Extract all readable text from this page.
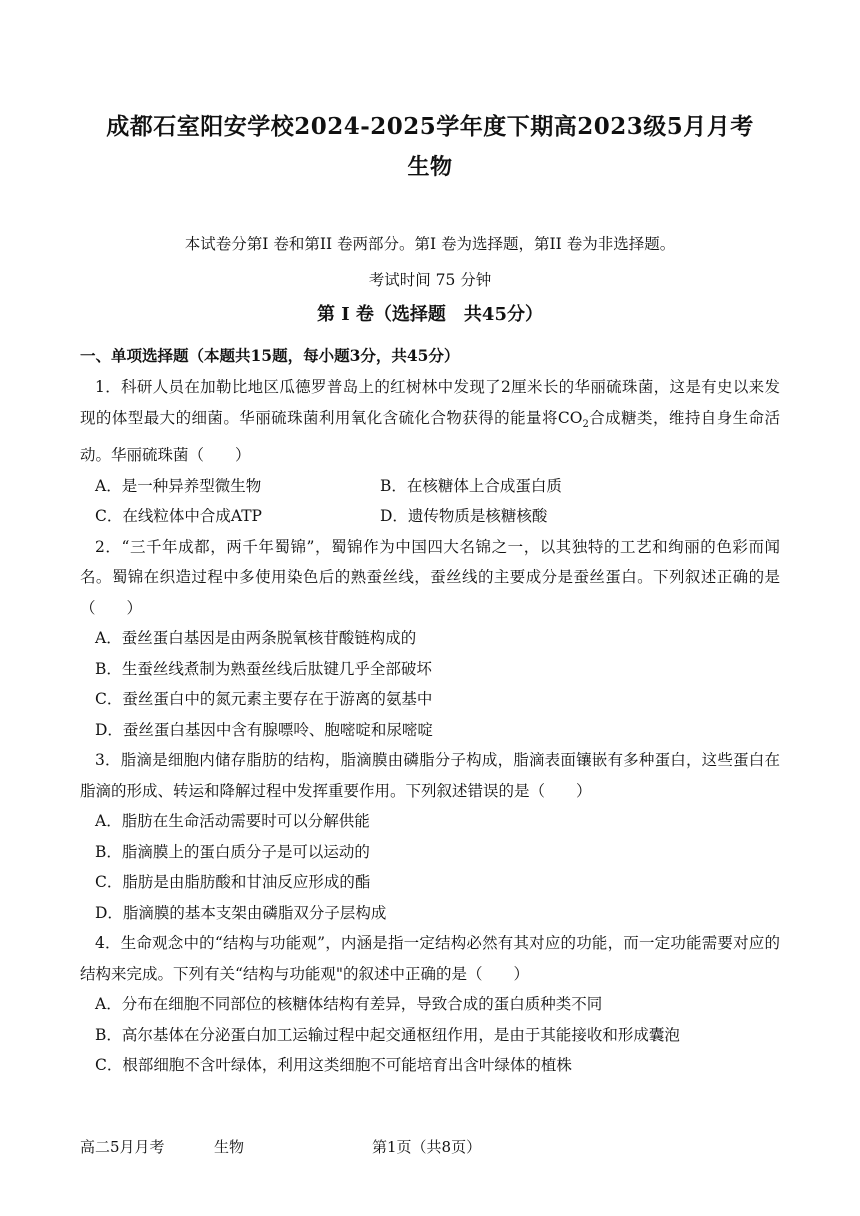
成都石室阳安学校2024-2025学年度下期高2023级5月月考
生物
本试卷分第I 卷和第II 卷两部分。第I 卷为选择题，第II 卷为非选择题。
考试时间 75 分钟
第 I 卷（选择题　共45分）
一、单项选择题（本题共15题，每小题3分，共45分）

1．科研人员在加勒比地区瓜德罗普岛上的红树林中发现了2厘米长的华丽硫珠菌，这是有史以来发现的体型最大的细菌。华丽硫珠菌利用氧化含硫化合物获得的能量将$CO_2$合成糖类，维持自身生命活动。华丽硫珠菌（　　）

A．是一种异养型微生物	B．在核糖体上合成蛋白质

C．在线粒体中合成ATP	D．遗传物质是核糖核酸

2．“三千年成都，两千年蜀锦”，蜀锦作为中国四大名锦之一，以其独特的工艺和绚丽的色彩而闻名。蜀锦在织造过程中多使用染色后的熟蚕丝线，蚕丝线的主要成分是蚕丝蛋白。下列叙述正确的是（　　）

A．蚕丝蛋白基因是由两条脱氧核苷酸链构成的

B．生蚕丝线煮制为熟蚕丝线后肽键几乎全部破坏

C．蚕丝蛋白中的氮元素主要存在于游离的氨基中

D．蚕丝蛋白基因中含有腺嘌呤、胞嘧啶和尿嘧啶

3．脂滴是细胞内储存脂肪的结构，脂滴膜由磷脂分子构成，脂滴表面镶嵌有多种蛋白，这些蛋白在脂滴的形成、转运和降解过程中发挥重要作用。下列叙述错误的是（　　）

A．脂肪在生命活动需要时可以分解供能

B．脂滴膜上的蛋白质分子是可以运动的

C．脂肪是由脂肪酸和甘油反应形成的酯

D．脂滴膜的基本支架由磷脂双分子层构成

4．生命观念中的“结构与功能观”，内涵是指一定结构必然有其对应的功能，而一定功能需要对应的结构来完成。下列有关“结构与功能观"的叙述中正确的是（　　）

A．分布在细胞不同部位的核糖体结构有差异，导致合成的蛋白质种类不同

B．高尔基体在分泌蛋白加工运输过程中起交通枢纽作用，是由于其能接收和形成囊泡

C．根部细胞不含叶绿体，利用这类细胞不可能培育出含叶绿体的植株

高二5月月考	生物	第1页（共8页）
